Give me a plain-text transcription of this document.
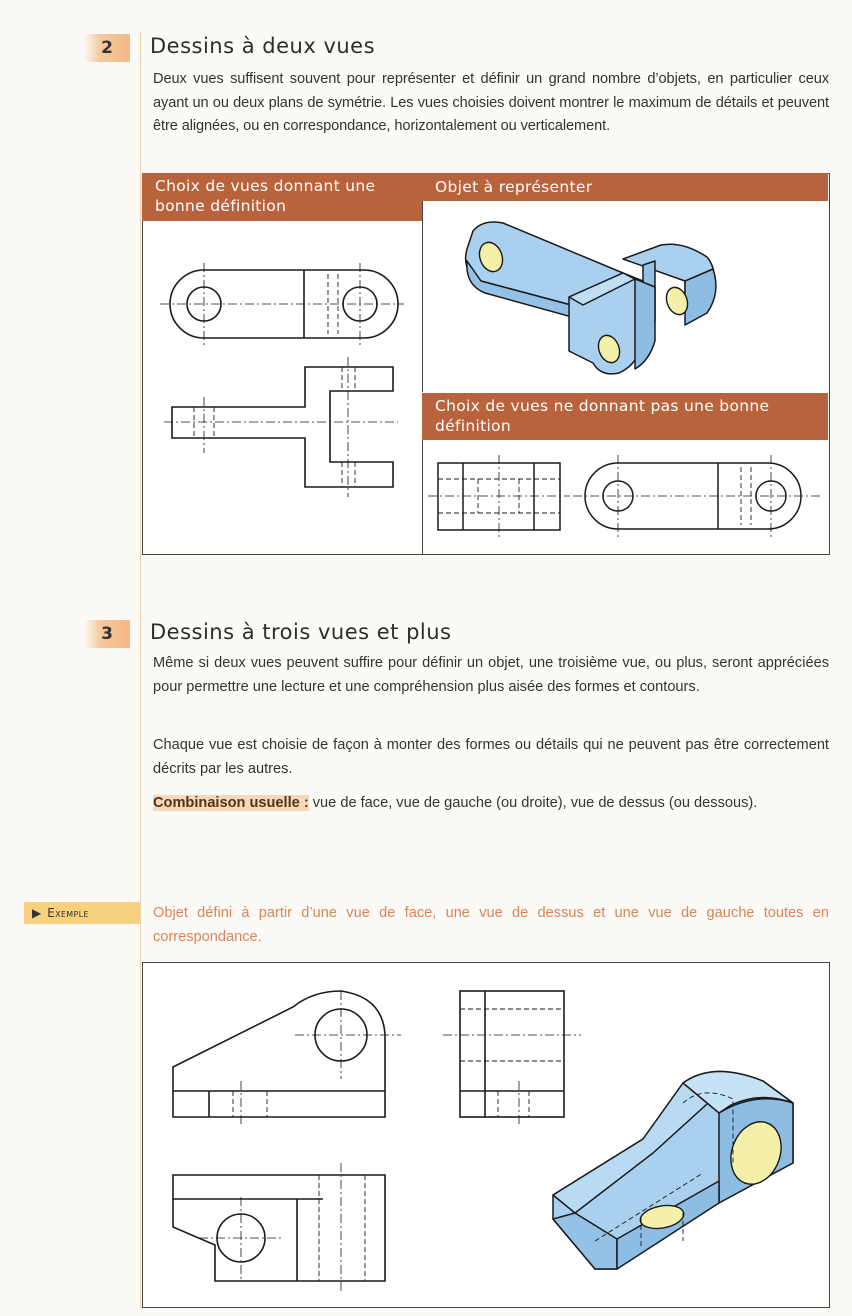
2	Dessins à deux vues
Deux vues suffisent souvent pour représenter et définir un grand nombre d’objets, en particulier ceux ayant un ou deux plans de symétrie. Les vues choisies doivent montrer le maximum de détails et peuvent être alignées, ou en correspondance, horizontalement ou verticalement.
Choix de vues donnant une bonne définition
Objet à représenter
Choix de vues ne donnant pas une bonne définition
3	Dessins à trois vues et plus
Même si deux vues peuvent suffire pour définir un objet, une troisième vue, ou plus, seront appréciées pour permettre une lecture et une compréhension plus aisée des formes et contours.
Chaque vue est choisie de façon à monter des formes ou détails qui ne peuvent pas être correctement décrits par les autres.
Combinaison usuelle : vue de face, vue de gauche (ou droite), vue de dessus (ou dessous).
▶ Exemple	Objet défini à partir d’une vue de face, une vue de dessus et une vue de gauche toutes en correspondance.
